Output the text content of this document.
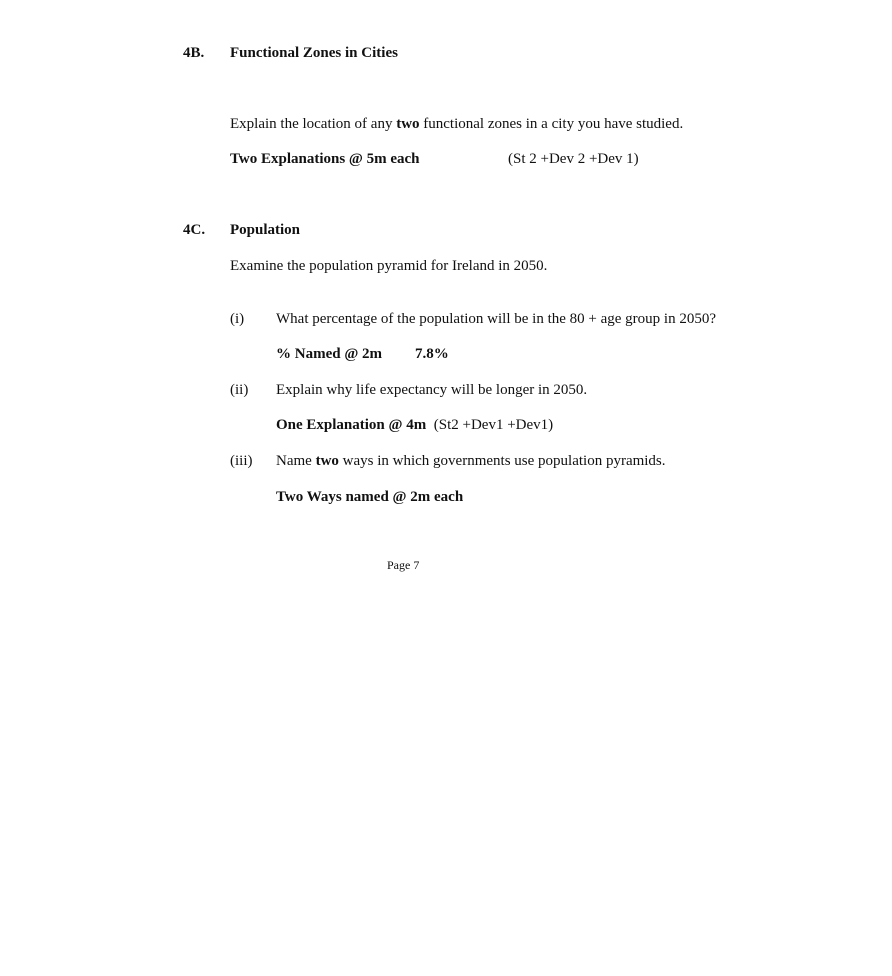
4B. Functional Zones in Cities
Explain the location of any two functional zones in a city you have studied.
Two Explanations @ 5m each	(St 2 +Dev 2 +Dev 1)
4C. Population
Examine the population pyramid for Ireland in 2050.
(i) What percentage of the population will be in the 80 + age group in 2050?
% Named @ 2m 7.8%
(ii) Explain why life expectancy will be longer in 2050.
One Explanation @ 4m (St2 +Dev1 +Dev1)
(iii) Name two ways in which governments use population pyramids.
Two Ways named @ 2m each
Page 7
